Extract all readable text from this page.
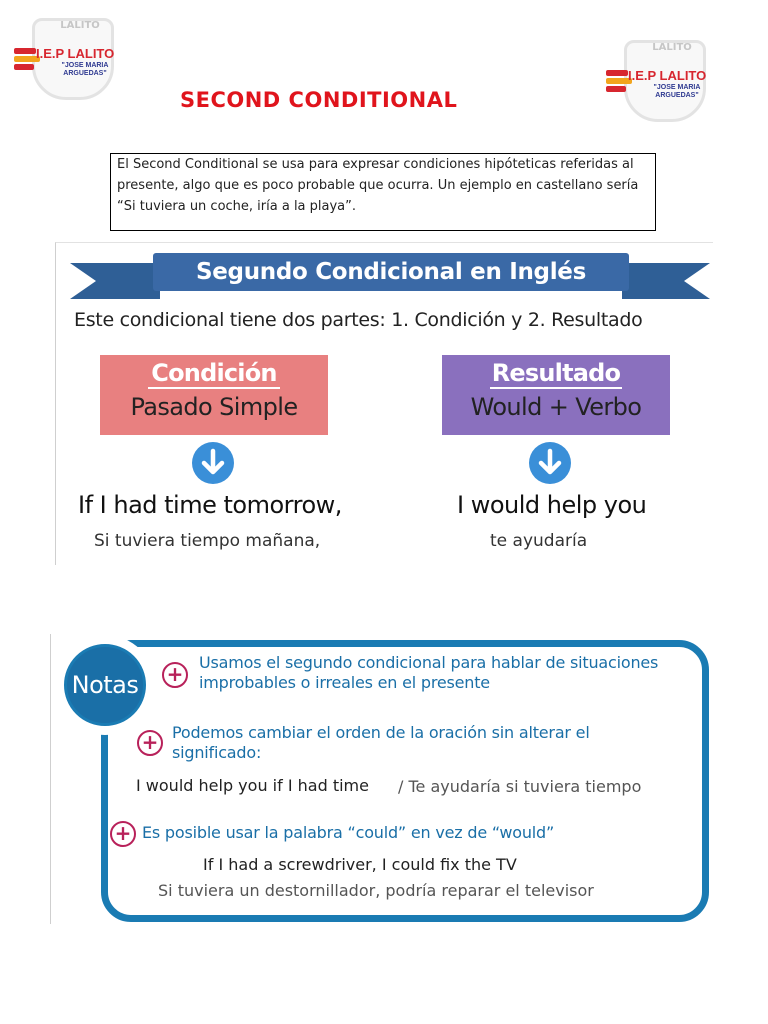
LALITO
I.E.P LALITO
"JOSE MARIA ARGUEDAS"
LALITO
I.E.P LALITO
"JOSE MARIA ARGUEDAS"
SECOND CONDITIONAL
El Second Conditional se usa para expresar condiciones hipóteticas referidas al presente, algo que es poco probable que ocurra. Un ejemplo en castellano sería “Si tuviera un coche, iría a la playa”.
Segundo Condicional en Inglés
Este condicional tiene dos partes: 1. Condición y 2. Resultado
Condición
Pasado Simple
Resultado
Would + Verbo
If I had time tomorrow,	I would help you
Si tuviera tiempo mañana,	te ayudaría
Notas	+ Usamos el segundo condicional para hablar de situaciones improbables o irreales en el presente
+ Podemos cambiar el orden de la oración sin alterar el significado:
I would help you if I had time / Te ayudaría si tuviera tiempo
+ Es posible usar la palabra “could” en vez de “would”
If I had a screwdriver, I could fix the TV
Si tuviera un destornillador, podría reparar el televisor
